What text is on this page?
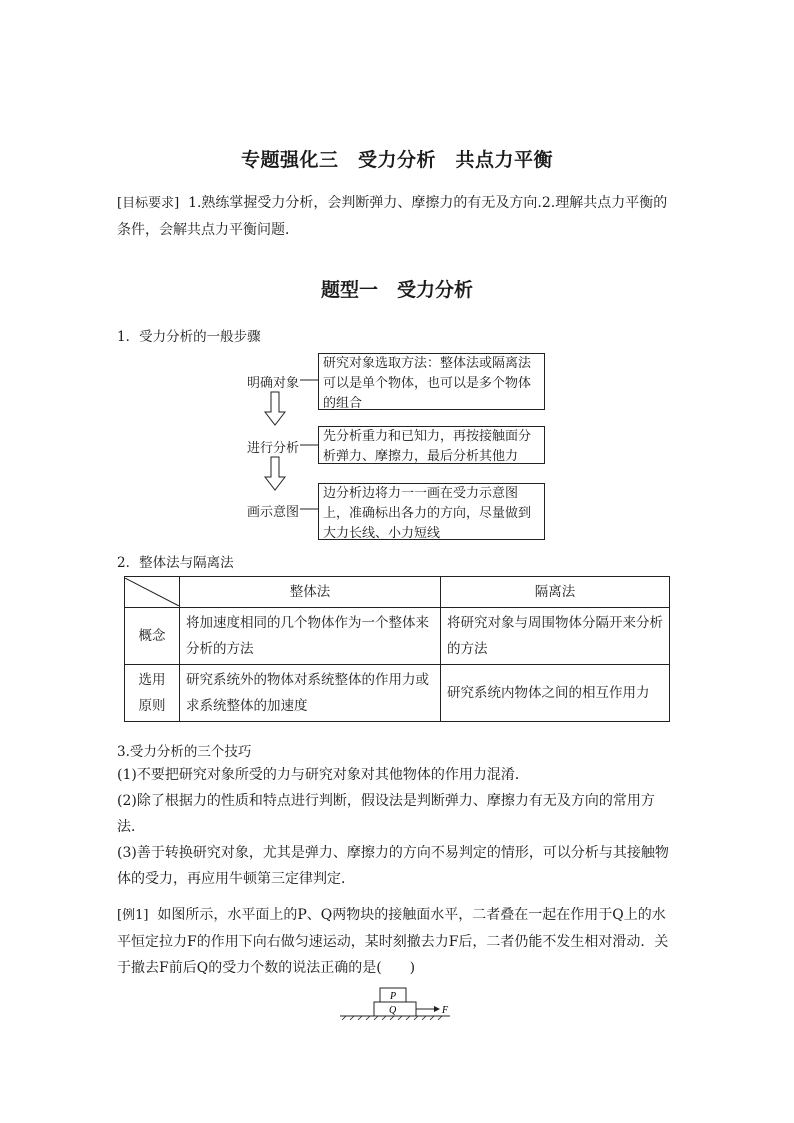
专题强化三　受力分析　共点力平衡
[目标要求] 1.熟练掌握受力分析，会判断弹力、摩擦力的有无及方向.2.理解共点力平衡的条件，会解共点力平衡问题．
题型一　受力分析
1．受力分析的一般步骤
明确对象
研究对象选取方法：整体法或隔离法可以是单个物体，也可以是多个物体的组合
进行分析
先分析重力和已知力，再按接触面分析弹力、摩擦力，最后分析其他力
画示意图
边分析边将力一一画在受力示意图上，准确标出各力的方向，尽量做到大力长线、小力短线
2．整体法与隔离法
	整体法	隔离法
概念	将加速度相同的几个物体作为一个整体来分析的方法	将研究对象与周围物体分隔开来分析的方法
选用原则	研究系统外的物体对系统整体的作用力或求系统整体的加速度	研究系统内物体之间的相互作用力
3.受力分析的三个技巧
(1)不要把研究对象所受的力与研究对象对其他物体的作用力混淆．
(2)除了根据力的性质和特点进行判断，假设法是判断弹力、摩擦力有无及方向的常用方法．
(3)善于转换研究对象，尤其是弹力、摩擦力的方向不易判定的情形，可以分析与其接触物体的受力，再应用牛顿第三定律判定．
[例1] 如图所示，水平面上的P、Q两物块的接触面水平，二者叠在一起在作用于Q上的水平恒定拉力F的作用下向右做匀速运动，某时刻撤去力F后，二者仍能不发生相对滑动．关于撤去F前后Q的受力个数的说法正确的是(　　)
P
Q	F
